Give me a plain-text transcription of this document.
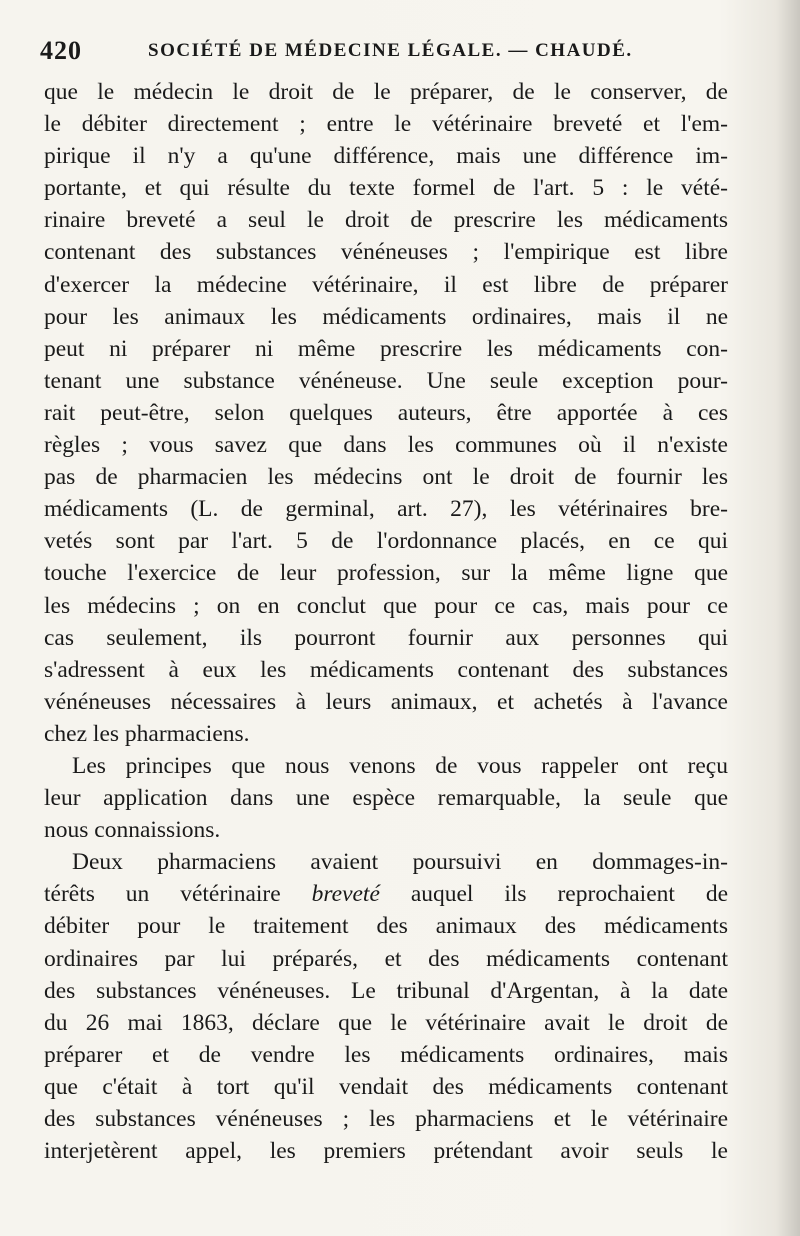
420	SOCIÉTÉ DE MÉDECINE LÉGALE. — CHAUDÉ.
que le médecin le droit de le préparer, de le conserver, de
le débiter directement ; entre le vétérinaire breveté et l'em-
pirique il n'y a qu'une différence, mais une différence im-
portante, et qui résulte du texte formel de l'art. 5 : le vété-
rinaire breveté a seul le droit de prescrire les médicaments
contenant des substances vénéneuses ; l'empirique est libre
d'exercer la médecine vétérinaire, il est libre de préparer
pour les animaux les médicaments ordinaires, mais il ne
peut ni préparer ni même prescrire les médicaments con-
tenant une substance vénéneuse. Une seule exception pour-
rait peut-être, selon quelques auteurs, être apportée à ces
règles ; vous savez que dans les communes où il n'existe
pas de pharmacien les médecins ont le droit de fournir les
médicaments (L. de germinal, art. 27), les vétérinaires bre-
vetés sont par l'art. 5 de l'ordonnance placés, en ce qui
touche l'exercice de leur profession, sur la même ligne que
les médecins ; on en conclut que pour ce cas, mais pour ce
cas seulement, ils pourront fournir aux personnes qui
s'adressent à eux les médicaments contenant des substances
vénéneuses nécessaires à leurs animaux, et achetés à l'avance
chez les pharmaciens.
Les principes que nous venons de vous rappeler ont reçu
leur application dans une espèce remarquable, la seule que
nous connaissions.
Deux pharmaciens avaient poursuivi en dommages-in-
térêts un vétérinaire breveté auquel ils reprochaient de
débiter pour le traitement des animaux des médicaments
ordinaires par lui préparés, et des médicaments contenant
des substances vénéneuses. Le tribunal d'Argentan, à la date
du 26 mai 1863, déclare que le vétérinaire avait le droit de
préparer et de vendre les médicaments ordinaires, mais
que c'était à tort qu'il vendait des médicaments contenant
des substances vénéneuses ; les pharmaciens et le vétérinaire
interjetèrent appel, les premiers prétendant avoir seuls le
